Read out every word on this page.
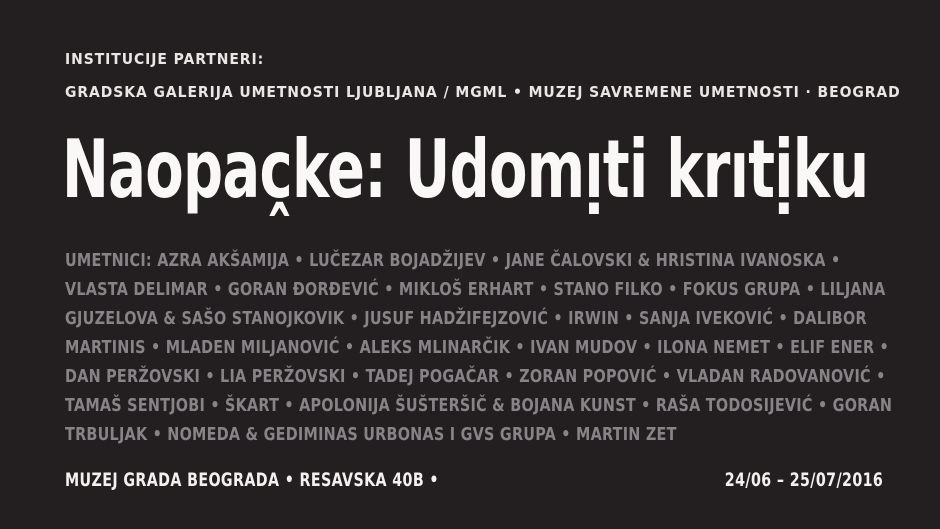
INSTITUCIJE PARTNERI:
GRADSKA GALERIJA UMETNOSTI LJUBLJANA / MGML • MUZEJ SAVREMENE UMETNOSTI · BEOGRAD
Naopac̭ke: Udomı̣ti krıtịku
UMETNICI: AZRA AKŠAMIJA • LUČEZAR BOJADŽIJEV • JANE ČALOVSKI & HRISTINA IVANOSKA •
VLASTA DELIMAR • GORAN ĐORĐEVIĆ • MIKLOŠ ERHART • STANO FILKO • FOKUS GRUPA • LILJANA
GJUZELOVA & SAŠO STANOJKOVIK • JUSUF HADŽIFEJZOVIĆ • IRWIN • SANJA IVEKOVIĆ • DALIBOR
MARTINIS • MLADEN MILJANOVIĆ • ALEKS MLINARČIK • IVAN MUDOV • ILONA NEMET • ELIF ENER •
DAN PERŽOVSKI • LIA PERŽOVSKI • TADEJ POGAČAR • ZORAN POPOVIĆ • VLADAN RADOVANOVIĆ •
TAMAŠ SENTJOBI • ŠKART • APOLONIJA ŠUŠTERŠIČ & BOJANA KUNST • RAŠA TODOSIJEVIĆ • GORAN
TRBULJAK • NOMEDA & GEDIMINAS URBONAS I GVS GRUPA • MARTIN ZET
MUZEJ GRADA BEOGRADA • RESAVSKA 40B •	24/06 – 25/07/2016
